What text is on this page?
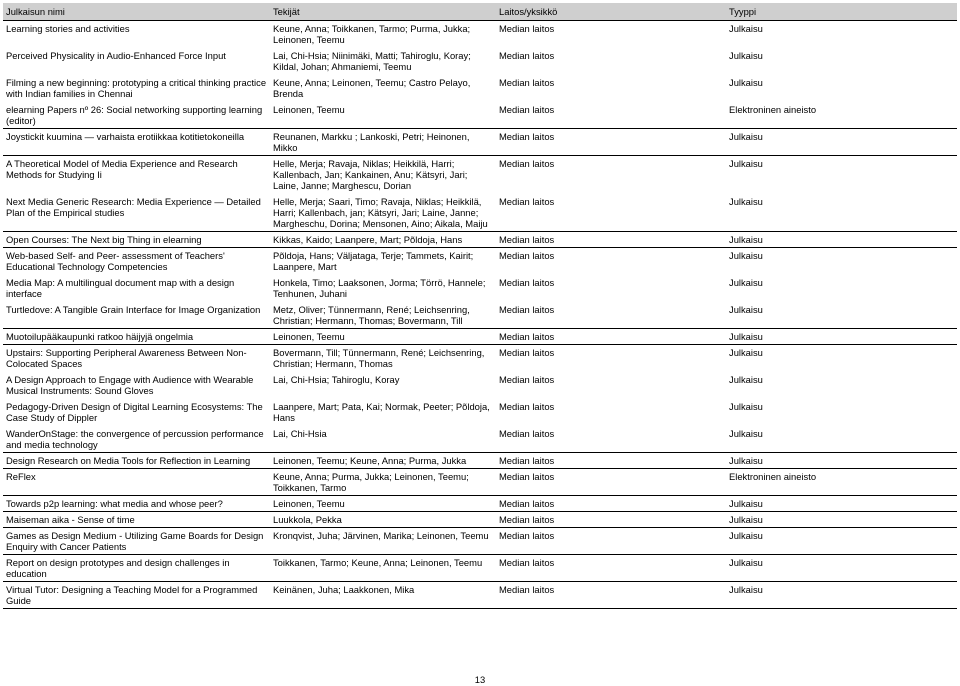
Julkaisun nimi	Tekijät	Laitos/yksikkö	Tyyppi
Learning stories and activities	Keune, Anna; Toikkanen, Tarmo; Purma, Jukka; Leinonen, Teemu	Median laitos	Julkaisu
Perceived Physicality in Audio-Enhanced Force Input	Lai, Chi-Hsia; Niinimäki, Matti; Tahiroglu, Koray; Kildal, Johan; Ahmaniemi, Teemu	Median laitos	Julkaisu
Filming a new beginning: prototyping a critical thinking practice with Indian families in Chennai	Keune, Anna; Leinonen, Teemu; Castro Pelayo, Brenda	Median laitos	Julkaisu
elearning Papers nº 26: Social networking supporting learning (editor)	Leinonen, Teemu	Median laitos	Elektroninen aineisto
Joystickit kuumina — varhaista erotiikkaa kotitietokoneilla	Reunanen, Markku ; Lankoski, Petri; Heinonen, Mikko	Median laitos	Julkaisu
A Theoretical Model of Media Experience and Research Methods for Studying Ii	Helle, Merja; Ravaja, Niklas; Heikkilä, Harri; Kallenbach, Jan; Kankainen, Anu; Kätsyri, Jari; Laine, Janne; Marghescu, Dorian	Median laitos	Julkaisu
Next Media Generic Research: Media Experience — Detailed Plan of the Empirical studies	Helle, Merja; Saari, Timo; Ravaja, Niklas; Heikkilä, Harri; Kallenbach, jan; Kätsyri, Jari; Laine, Janne; Margheschu, Dorina; Mensonen, Aino; Aikala, Maiju	Median laitos	Julkaisu
Open Courses: The Next big Thing in elearning	Kikkas, Kaido; Laanpere, Mart; Põldoja, Hans	Median laitos	Julkaisu
Web-based Self- and Peer- assessment of Teachers' Educational Technology Competencies	Põldoja, Hans; Väljataga, Terje; Tammets, Kairit; Laanpere, Mart	Median laitos	Julkaisu
Media Map: A multilingual document map with a design interface	Honkela, Timo; Laaksonen, Jorma; Törrö, Hannele; Tenhunen, Juhani	Median laitos	Julkaisu
Turtledove: A Tangible Grain Interface for Image Organization	Metz, Oliver; Tünnermann, René; Leichsenring, Christian; Hermann, Thomas; Bovermann, Till	Median laitos	Julkaisu
Muotoilupääkaupunki ratkoo häijyjä ongelmia	Leinonen, Teemu	Median laitos	Julkaisu
Upstairs: Supporting Peripheral Awareness Between Non-Colocated Spaces	Bovermann, Till; Tünnermann, René; Leichsenring, Christian; Hermann, Thomas	Median laitos	Julkaisu
A Design Approach to Engage with Audience with Wearable Musical Instruments: Sound Gloves	Lai, Chi-Hsia; Tahiroglu, Koray	Median laitos	Julkaisu
Pedagogy-Driven Design of Digital Learning Ecosystems: The Case Study of Dippler	Laanpere, Mart; Pata, Kai; Normak, Peeter; Põldoja, Hans	Median laitos	Julkaisu
WanderOnStage: the convergence of percussion performance and media technology	Lai, Chi-Hsia	Median laitos	Julkaisu
Design Research on Media Tools for Reflection in Learning	Leinonen, Teemu; Keune, Anna; Purma, Jukka	Median laitos	Julkaisu
ReFlex	Keune, Anna; Purma, Jukka; Leinonen, Teemu; Toikkanen, Tarmo	Median laitos	Elektroninen aineisto
Towards p2p learning: what media and whose peer?	Leinonen, Teemu	Median laitos	Julkaisu
Maiseman aika - Sense of time	Luukkola, Pekka	Median laitos	Julkaisu
Games as Design Medium - Utilizing Game Boards for Design Enquiry with Cancer Patients	Kronqvist, Juha; Järvinen, Marika; Leinonen, Teemu	Median laitos	Julkaisu
Report on design prototypes and design challenges in education	Toikkanen, Tarmo; Keune, Anna; Leinonen, Teemu	Median laitos	Julkaisu
Virtual Tutor: Designing a Teaching Model for a Programmed Guide	Keinänen, Juha; Laakkonen, Mika	Median laitos	Julkaisu
13
